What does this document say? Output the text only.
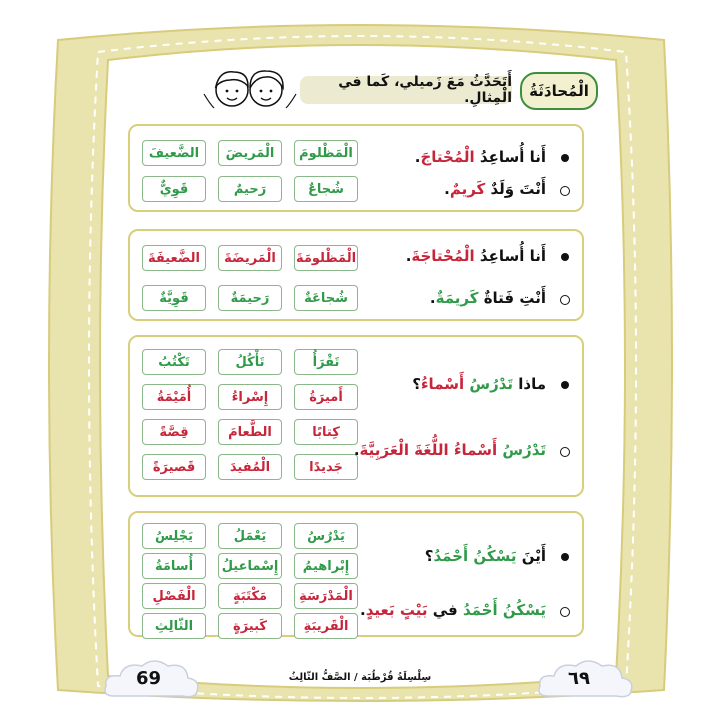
الْمُحادَثَةُ
أَتَحَدَّثُ مَعَ زَميلي، كَما في الْمِثالِ.
الْمَظْلومَ
الْمَريضَ
الضَّعيفَ
شُجاعٌ
رَحيمٌ
قَوِيٌّ
أَنا أُساعِدُ الْمُحْتاجَ.
أَنْتَ وَلَدٌ كَريمٌ.
الْمَظْلومَةَ
الْمَريضَةَ
الضَّعيفَةَ
شُجاعَةٌ
رَحيمَةٌ
قَوِيَّةٌ
أَنا أُساعِدُ الْمُحْتاجَةَ.
أَنْتِ فَتاةٌ كَريمَةٌ.
تَقْرَأُ
تَأْكُلُ
تَكْتُبُ
أَميرَةُ
إِسْراءُ
أُمَيْمَةُ
كِتابًا
الطَّعامَ
قِصَّةً
جَديدًا
الْمُفيدَ
قَصيرَةً
ماذا تَدْرُسُ أَسْماءُ؟
تَدْرُسُ أَسْماءُ اللُّغَةَ الْعَرَبِيَّةَ.
يَدْرُسُ
يَعْمَلُ
يَجْلِسُ
إِبْراهيمُ
إِسْماعيلُ
أُسامَةُ
الْمَدْرَسَةِ
مَكْتَبَةٍ
الْفَصْلِ
الْقَريبَةِ
كَبيرَةٍ
الثّالِثِ
أَيْنَ يَسْكُنُ أَحْمَدُ؟
يَسْكُنُ أَحْمَدُ في بَيْتٍ بَعيدٍ.
69	٦٩
سِلْسِلَةُ قُرْطُبَة / الصَّفُّ الثّالِثُ
